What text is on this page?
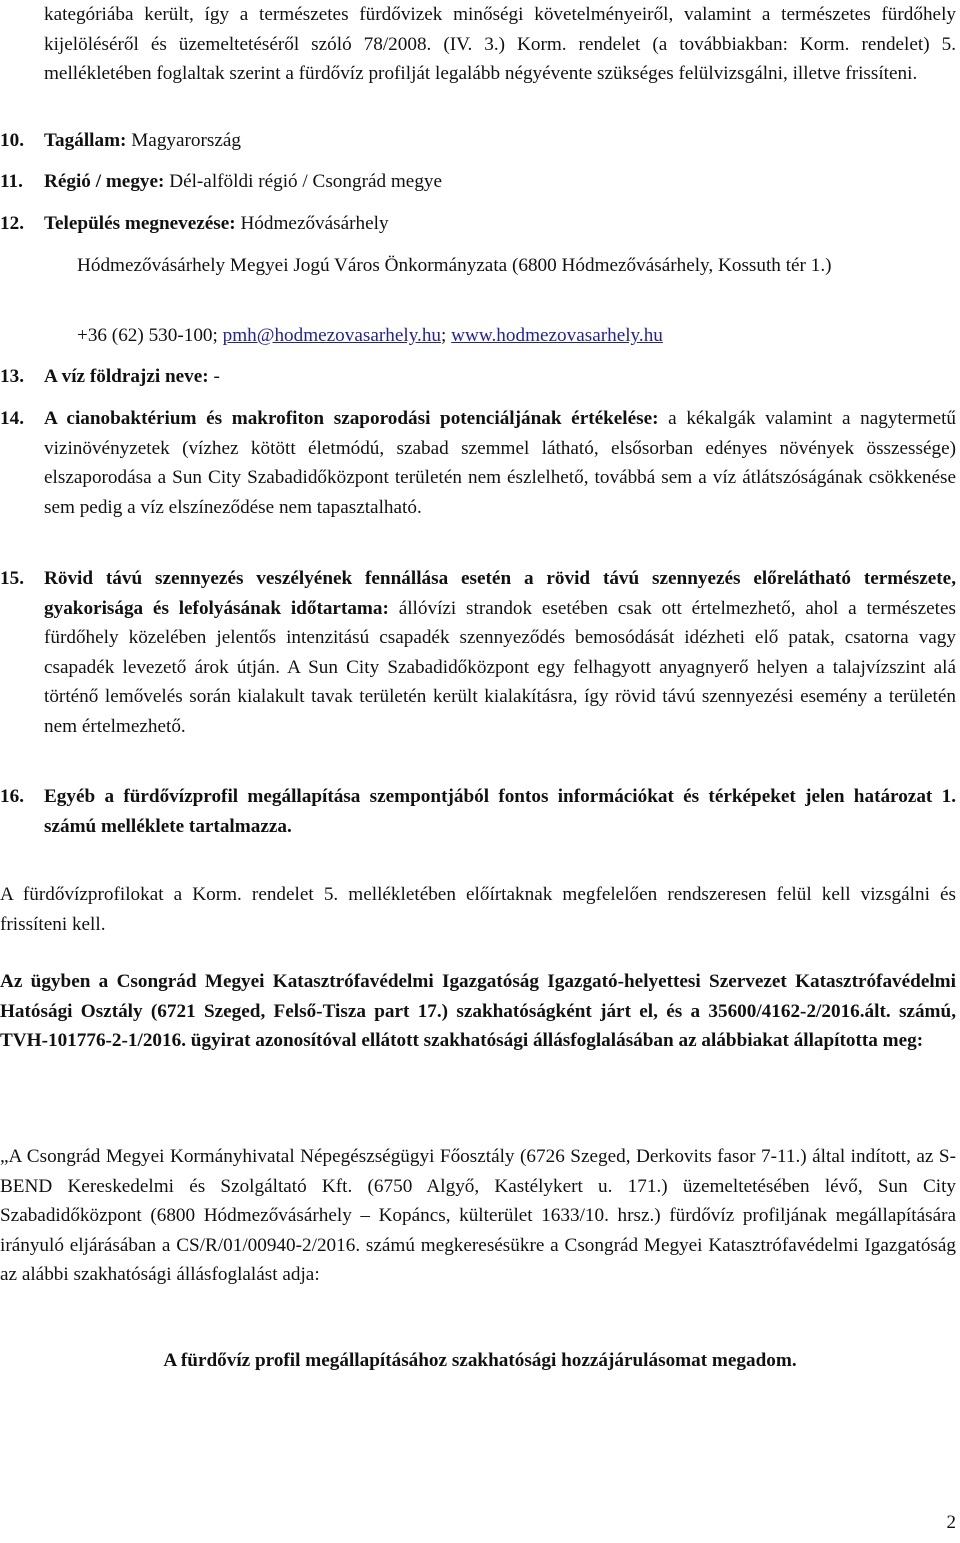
kategóriába került, így a természetes fürdővizek minőségi követelményeiről, valamint a természetes fürdőhely kijelöléséről és üzemeltetéséről szóló 78/2008. (IV. 3.) Korm. rendelet (a továbbiakban: Korm. rendelet) 5. mellékletében foglaltak szerint a fürdővíz profilját legalább négyévente szükséges felülvizsgálni, illetve frissíteni.

10.	Tagállam: Magyarország

11.	Régió / megye: Dél-alföldi régió / Csongrád megye

12.	Település megnevezése: Hódmezővásárhely

Hódmezővásárhely Megyei Jogú Város Önkormányzata (6800 Hódmezővásárhely, Kossuth tér 1.)

+36 (62) 530-100; pmh@hodmezovasarhely.hu; www.hodmezovasarhely.hu

13.	A víz földrajzi neve: -

14.	A cianobaktérium és makrofiton szaporodási potenciáljának értékelése: a kékalgák valamint a nagytermetű vizinövényzetek (vízhez kötött életmódú, szabad szemmel látható, elsősorban edényes növények összessége) elszaporodása a Sun City Szabadidőközpont területén nem észlelhető, továbbá sem a víz átlátszóságának csökkenése sem pedig a víz elszíneződése nem tapasztalható.

15.	Rövid távú szennyezés veszélyének fennállása esetén a rövid távú szennyezés előrelátható természete, gyakorisága és lefolyásának időtartama: állóvízi strandok esetében csak ott értelmezhető, ahol a természetes fürdőhely közelében jelentős intenzitású csapadék szennyeződés bemosódását idézheti elő patak, csatorna vagy csapadék levezető árok útján. A Sun City Szabadidőközpont egy felhagyott anyagnyerő helyen a talajvízszint alá történő lemővelés során kialakult tavak területén került kialakításra, így rövid távú szennyezési esemény a területén nem értelmezhető.

16.	Egyéb a fürdővízprofil megállapítása szempontjából fontos információkat és térképeket jelen határozat 1. számú melléklete tartalmazza.

A fürdővízprofilokat a Korm. rendelet 5. mellékletében előírtaknak megfelelően rendszeresen felül kell vizsgálni és frissíteni kell.

Az ügyben a Csongrád Megyei Katasztrófavédelmi Igazgatóság Igazgató-helyettesi Szervezet Katasztrófavédelmi Hatósági Osztály (6721 Szeged, Felső-Tisza part 17.) szakhatóságként járt el, és a 35600/4162-2/2016.ált. számú, TVH-101776-2-1/2016. ügyirat azonosítóval ellátott szakhatósági állásfoglalásában az alábbiakat állapította meg:

„A Csongrád Megyei Kormányhivatal Népegészségügyi Főosztály (6726 Szeged, Derkovits fasor 7-11.) által indított, az S-BEND Kereskedelmi és Szolgáltató Kft. (6750 Algyő, Kastélykert u. 171.) üzemeltetésében lévő, Sun City Szabadidőközpont (6800 Hódmezővásárhely – Kopáncs, külterület 1633/10. hrsz.) fürdővíz profiljának megállapítására irányuló eljárásában a CS/R/01/00940-2/2016. számú megkeresésükre a Csongrád Megyei Katasztrófavédelmi Igazgatóság az alábbi szakhatósági állásfoglalást adja:

A fürdővíz profil megállapításához szakhatósági hozzájárulásomat megadom.

2
